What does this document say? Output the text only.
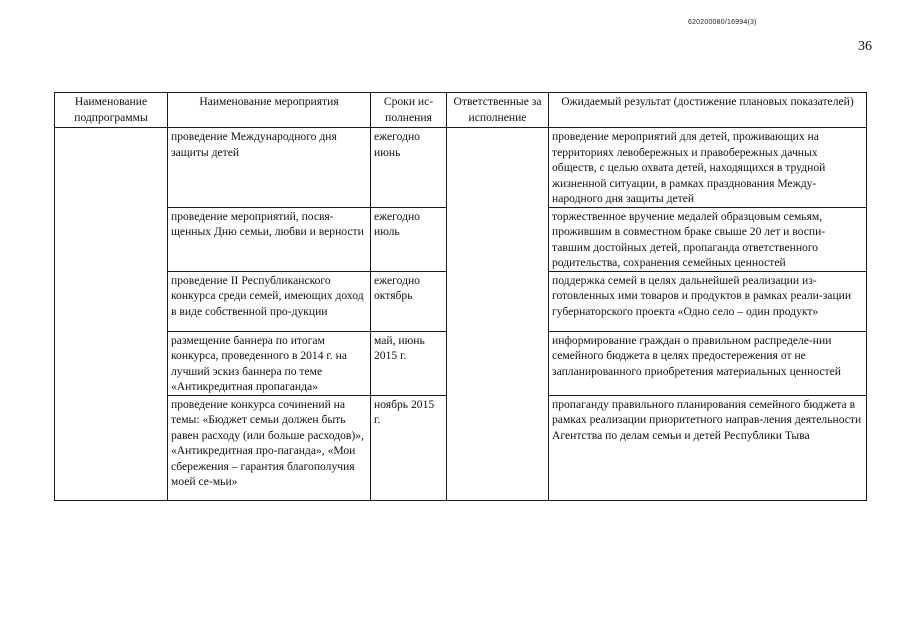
620200080/16994(3)
36
Наименование подпрограммы	Наименование мероприятия	Сроки ис-полнения	Ответственные за исполнение	Ожидаемый результат (достижение плановых показателей)
	проведение Международного дня защиты детей	ежегодно июнь		проведение мероприятий для детей, проживающих на территориях левобережных и правобережных дачных обществ, с целью охвата детей, находящихся в трудной жизненной ситуации, в рамках празднования Между-народного дня защиты детей
	проведение мероприятий, посвя-щенных Дню семьи, любви и верности	ежегодно июль		торжественное вручение медалей образцовым семьям, прожившим в совместном браке свыше 20 лет и воспи-тавшим достойных детей, пропаганда ответственного родительства, сохранения семейных ценностей
	проведение II Республиканского конкурса среди семей, имеющих доход в виде собственной про-дукции	ежегодно октябрь		поддержка семей в целях дальнейшей реализации из-готовленных ими товаров и продуктов в рамках реали-зации губернаторского проекта «Одно село – один продукт»
	размещение баннера по итогам конкурса, проведенного в 2014 г. на лучший эскиз баннера по теме «Антикредитная пропаганда»	май, июнь 2015 г.		информирование граждан о правильном распределе-нии семейного бюджета в целях предостережения от не запланированного приобретения материальных ценностей
	проведение конкурса сочинений на темы: «Бюджет семьи должен быть равен расходу (или больше расходов)», «Антикредитная про-паганда», «Мои сбережения – гарантия благополучия моей се-мьи»	ноябрь 2015 г.		пропаганду правильного планирования семейного бюджета в рамках реализации приоритетного направ-ления деятельности Агентства по делам семьи и детей Республики Тыва
